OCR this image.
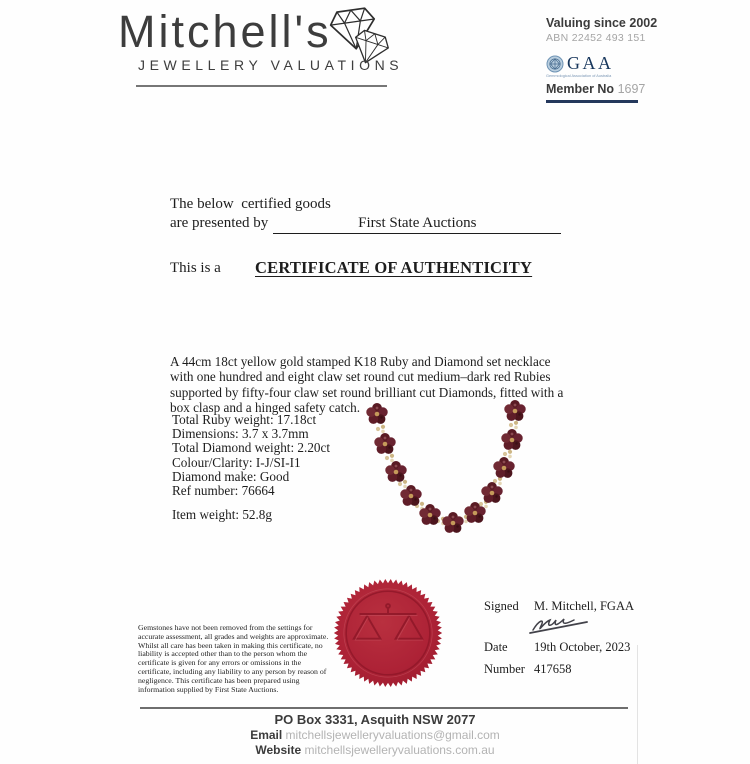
Mitchell's
JEWELLERY VALUATIONS
Valuing since 2002
ABN 22452 493 151
GAA
Gemmological Association of Australia
Member No 1697
The below  certified goods
are presented by	First State Auctions
This is a CERTIFICATE OF AUTHENTICITY

A 44cm 18ct yellow gold stamped K18 Ruby and Diamond set necklace with one hundred and eight claw set round cut medium–dark red Rubies supported by fifty-four claw set round brilliant cut Diamonds, fitted with a box clasp and a hinged safety catch.

Total Ruby weight: 17.18ct
Dimensions: 3.7 x 3.7mm
Total Diamond weight: 2.20ct
Colour/Clarity: I-J/SI-I1
Diamond make: Good
Ref number: 76664
Item weight: 52.8g

Gemstones have not been removed from the settings for accurate assessment, all grades and weights are approximate. Whilst all care has been taken in making this certificate, no liability is accepted other than to the person whom the certificate is given for any errors or omissions in the certificate, including any liability to any person by reason of negligence. This certificate has been prepared using information supplied by First State Auctions.

Signed M. Mitchell, FGAA
Date 19th October, 2023
Number 417658
PO Box 3331, Asquith NSW 2077
Email mitchellsjewelleryvaluations@gmail.com
Website mitchellsjewelleryvaluations.com.au
